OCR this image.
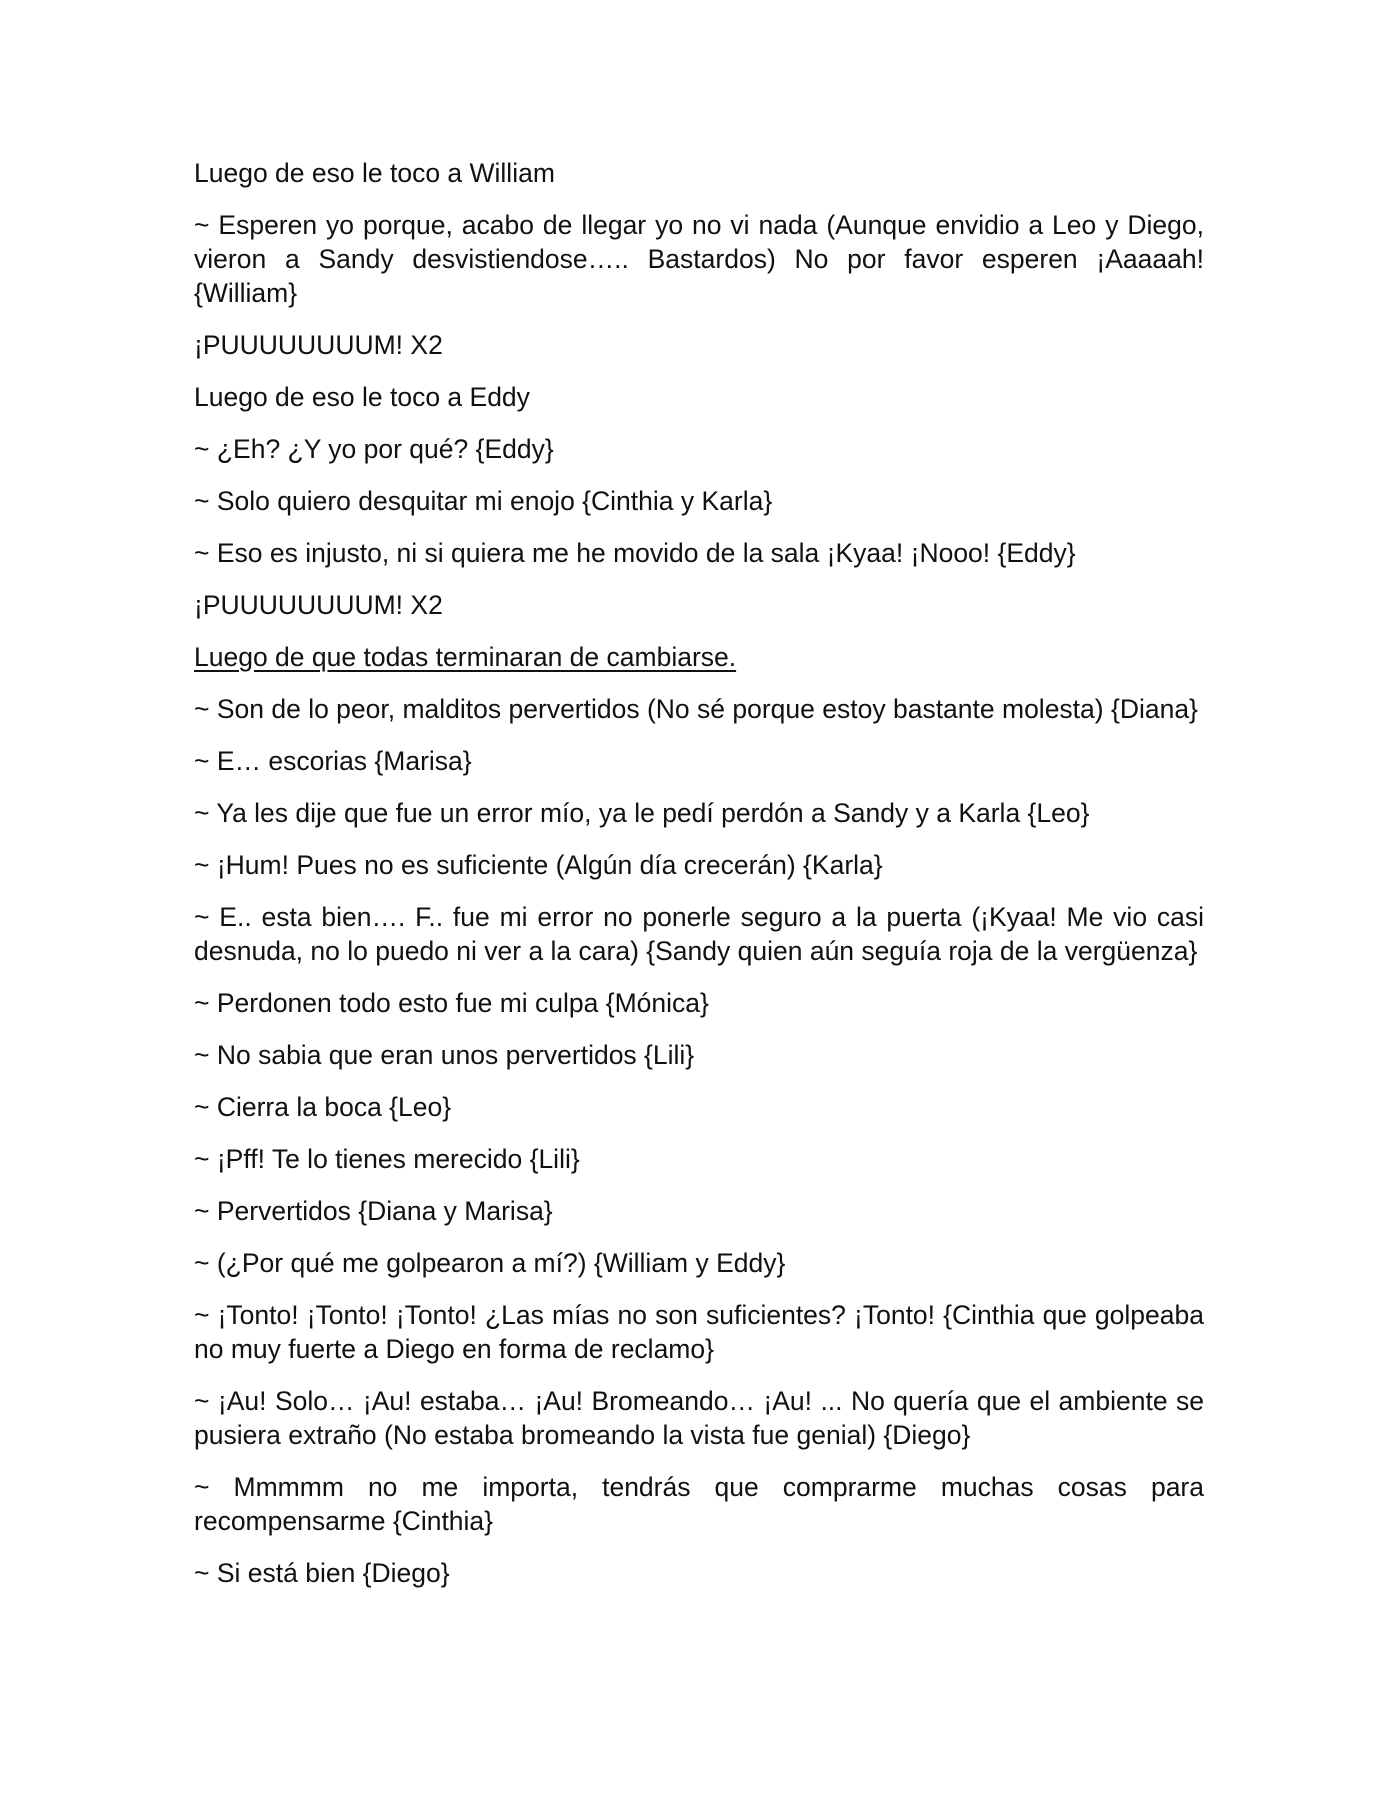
Luego de eso le toco a William

~ Esperen yo porque, acabo de llegar yo no vi nada (Aunque envidio a Leo y Diego, vieron a Sandy desvistiendose….. Bastardos) No por favor esperen ¡Aaaaah! {William}

¡PUUUUUUUUM! X2

Luego de eso le toco a Eddy

~ ¿Eh? ¿Y yo por qué? {Eddy}

~ Solo quiero desquitar mi enojo {Cinthia y Karla}

~ Eso es injusto, ni si quiera me he movido de la sala ¡Kyaa! ¡Nooo! {Eddy}

¡PUUUUUUUUM! X2

Luego de que todas terminaran de cambiarse.

~ Son de lo peor, malditos pervertidos (No sé porque estoy bastante molesta) {Diana}

~ E… escorias {Marisa}

~ Ya les dije que fue un error mío, ya le pedí perdón a Sandy y a Karla {Leo}

~ ¡Hum! Pues no es suficiente (Algún día crecerán) {Karla}

~ E.. esta bien…. F.. fue mi error no ponerle seguro a la puerta (¡Kyaa! Me vio casi desnuda, no lo puedo ni ver a la cara) {Sandy quien aún seguía roja de la vergüenza}

~ Perdonen todo esto fue mi culpa {Mónica}

~ No sabia que eran unos pervertidos {Lili}

~ Cierra la boca {Leo}

~ ¡Pff! Te lo tienes merecido {Lili}

~ Pervertidos {Diana y Marisa}

~ (¿Por qué me golpearon a mí?) {William y Eddy}

~ ¡Tonto! ¡Tonto! ¡Tonto! ¿Las mías no son suficientes? ¡Tonto! {Cinthia que golpeaba no muy fuerte a Diego en forma de reclamo}

~ ¡Au! Solo… ¡Au! estaba… ¡Au! Bromeando… ¡Au! ... No quería que el ambiente se pusiera extraño (No estaba bromeando la vista fue genial) {Diego}

~ Mmmmm no me importa, tendrás que comprarme muchas cosas para recompensarme {Cinthia}

~ Si está bien {Diego}
